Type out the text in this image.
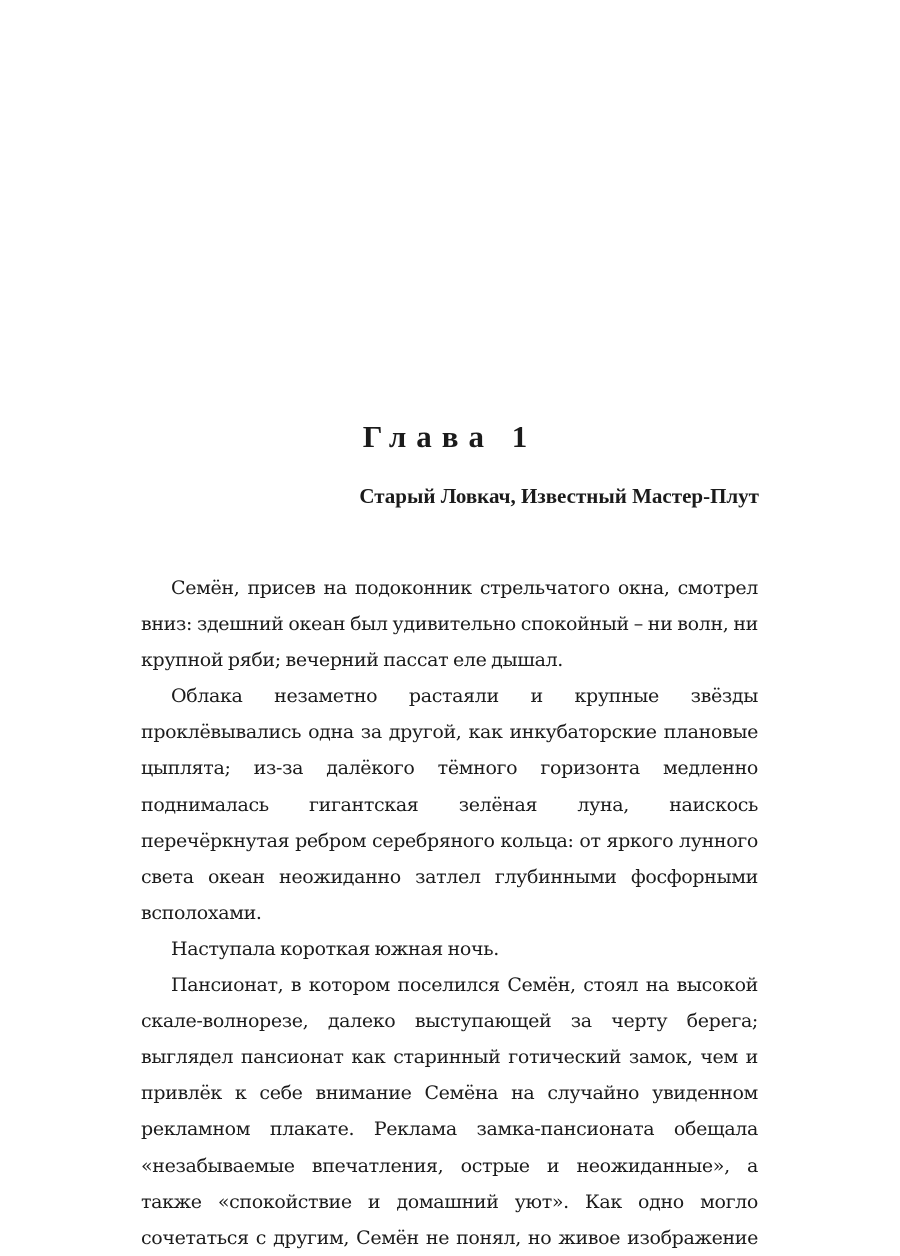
Глава 1
Старый Ловкач, Известный Мастер-Плут

Семён, присев на подоконник стрельчатого окна, смотрел вниз: здешний океан был удивительно спокойный – ни волн, ни крупной ряби; вечерний пассат еле дышал.

Облака незаметно растаяли и крупные звёзды проклёвывались одна за другой, как инкубаторские плановые цыплята; из-за далёкого тёмного горизонта медленно поднималась гигантская зелёная луна, наискось перечёркнутая ребром серебряного кольца: от яркого лунного света океан неожиданно затлел глубинными фосфорными всполохами.

Наступала короткая южная ночь.

Пансионат, в котором поселился Семён, стоял на высокой скале-волнорезе, далеко выступающей за черту берега; выглядел пансионат как старинный готический замок, чем и привлёк к себе внимание Семёна на случайно увиденном рекламном плакате. Реклама замка-пансионата обещала «незабываемые впечатления, острые и неожиданные», а также «спокойствие и домашний уют». Как одно могло сочетаться с другим, Семён не понял, но живое изображение
